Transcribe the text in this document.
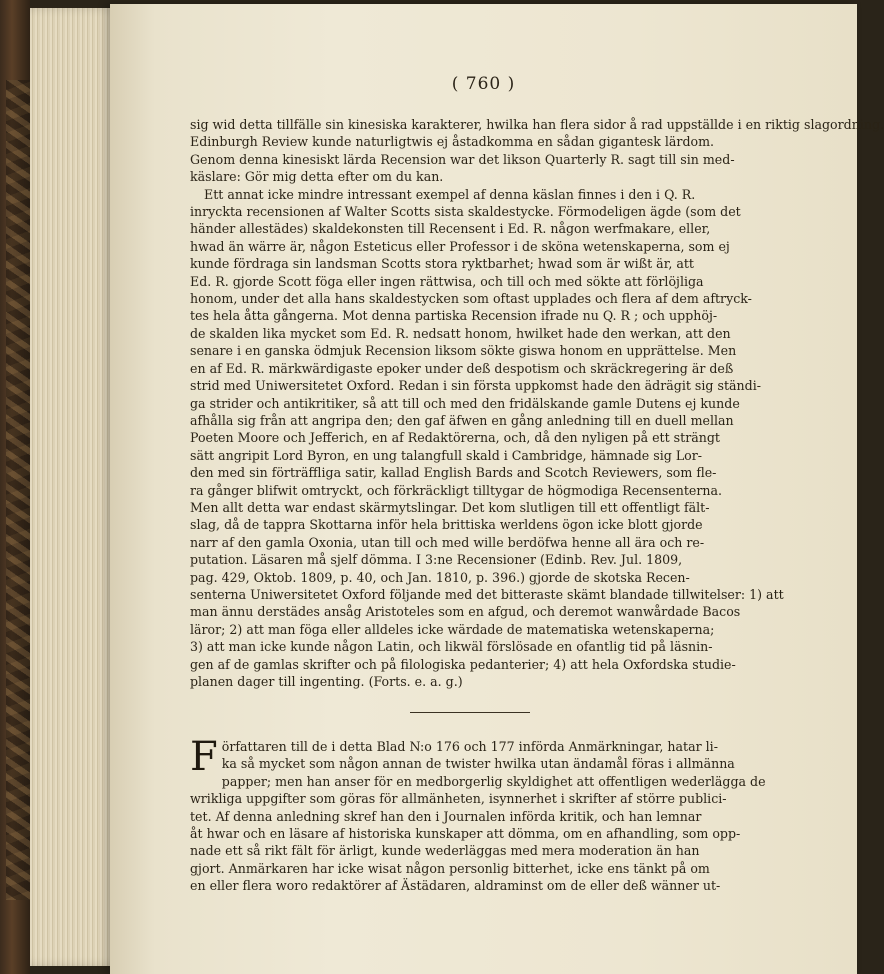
( 760 )
sig wid detta tillfälle sin kinesiska karakterer, hwilka han flera sidor å rad uppställde i en riktig slagordning.
Edinburgh Review kunde naturligtwis ej åstadkomma en sådan gigantesk lärdom.
Genom denna kinesiskt lärda Recension war det likson Quarterly R. sagt till sin med-
käslare: Gör mig detta efter om du kan.
Ett annat icke mindre intressant exempel af denna käslan finnes i den i Q. R.
inryckta recensionen af Walter Scotts sista skaldestycke. Förmodeligen ägde (som det
händer allestädes) skaldekonsten till Recensent i Ed. R. någon werfmakare, eller,
hwad än wärre är, någon Esteticus eller Professor i de sköna wetenskaperna, som ej
kunde fördraga sin landsman Scotts stora ryktbarhet; hwad som är wißt är, att
Ed. R. gjorde Scott föga eller ingen rättwisa, och till och med sökte att förlöjliga
honom, under det alla hans skaldestycken som oftast upplades och flera af dem aftryck-
tes hela åtta gångerna. Mot denna partiska Recension ifrade nu Q. R ; och upphöj-
de skalden lika mycket som Ed. R. nedsatt honom, hwilket hade den werkan, att den
senare i en ganska ödmjuk Recension liksom sökte giswa honom en upprättelse. Men
en af Ed. R. märkwärdigaste epoker under deß despotism och skräckregering är deß
strid med Uniwersitetet Oxford. Redan i sin första uppkomst hade den ädrägit sig ständi-
ga strider och antikritiker, så att till och med den fridälskande gamle Dutens ej kunde
afhålla sig från att angripa den; den gaf äfwen en gång anledning till en duell mellan
Poeten Moore och Jefferich, en af Redaktörerna, och, då den nyligen på ett strängt
sätt angripit Lord Byron, en ung talangfull skald i Cambridge, hämnade sig Lor-
den med sin förträffliga satir, kallad English Bards and Scotch Reviewers, som fle-
ra gånger blifwit omtryckt, och förkräckligt tilltygar de högmodiga Recensenterna.
Men allt detta war endast skärmytslingar. Det kom slutligen till ett offentligt fält-
slag, då de tappra Skottarna inför hela brittiska werldens ögon icke blott gjorde
narr af den gamla Oxonia, utan till och med wille berdöfwa henne all ära och re-
putation. Läsaren må sjelf dömma. I 3:ne Recensioner (Edinb. Rev. Jul. 1809,
pag. 429, Oktob. 1809, p. 40, och Jan. 1810, p. 396.) gjorde de skotska Recen-
senterna Uniwersitetet Oxford följande med det bitteraste skämt blandade tillwitelser: 1) att
man ännu derstädes ansåg Aristoteles som en afgud, och deremot wanwårdade Bacos
läror; 2) att man föga eller alldeles icke wärdade de matematiska wetenskaperna;
3) att man icke kunde någon Latin, och likwäl förslösade en ofantlig tid på läsnin-
gen af de gamlas skrifter och på filologiska pedanterier; 4) att hela Oxfordska studie-
planen dager till ingenting. (Forts. e. a. g.)
F örfattaren till de i detta Blad N:o 176 och 177 införda Anmärkningar, hatar li-
ka så mycket som någon annan de twister hwilka utan ändamål föras i allmänna
papper; men han anser för en medborgerlig skyldighet att offentligen wederlägga de
wrikliga uppgifter som göras för allmänheten, isynnerhet i skrifter af större publici-
tet. Af denna anledning skref han den i Journalen införda kritik, och han lemnar
åt hwar och en läsare af historiska kunskaper att dömma, om en afhandling, som opp-
nade ett så rikt fält för ärligt, kunde wederläggas med mera moderation än han
gjort. Anmärkaren har icke wisat någon personlig bitterhet, icke ens tänkt på om
en eller flera woro redaktörer af Ästädaren, aldraminst om de eller deß wänner ut-
